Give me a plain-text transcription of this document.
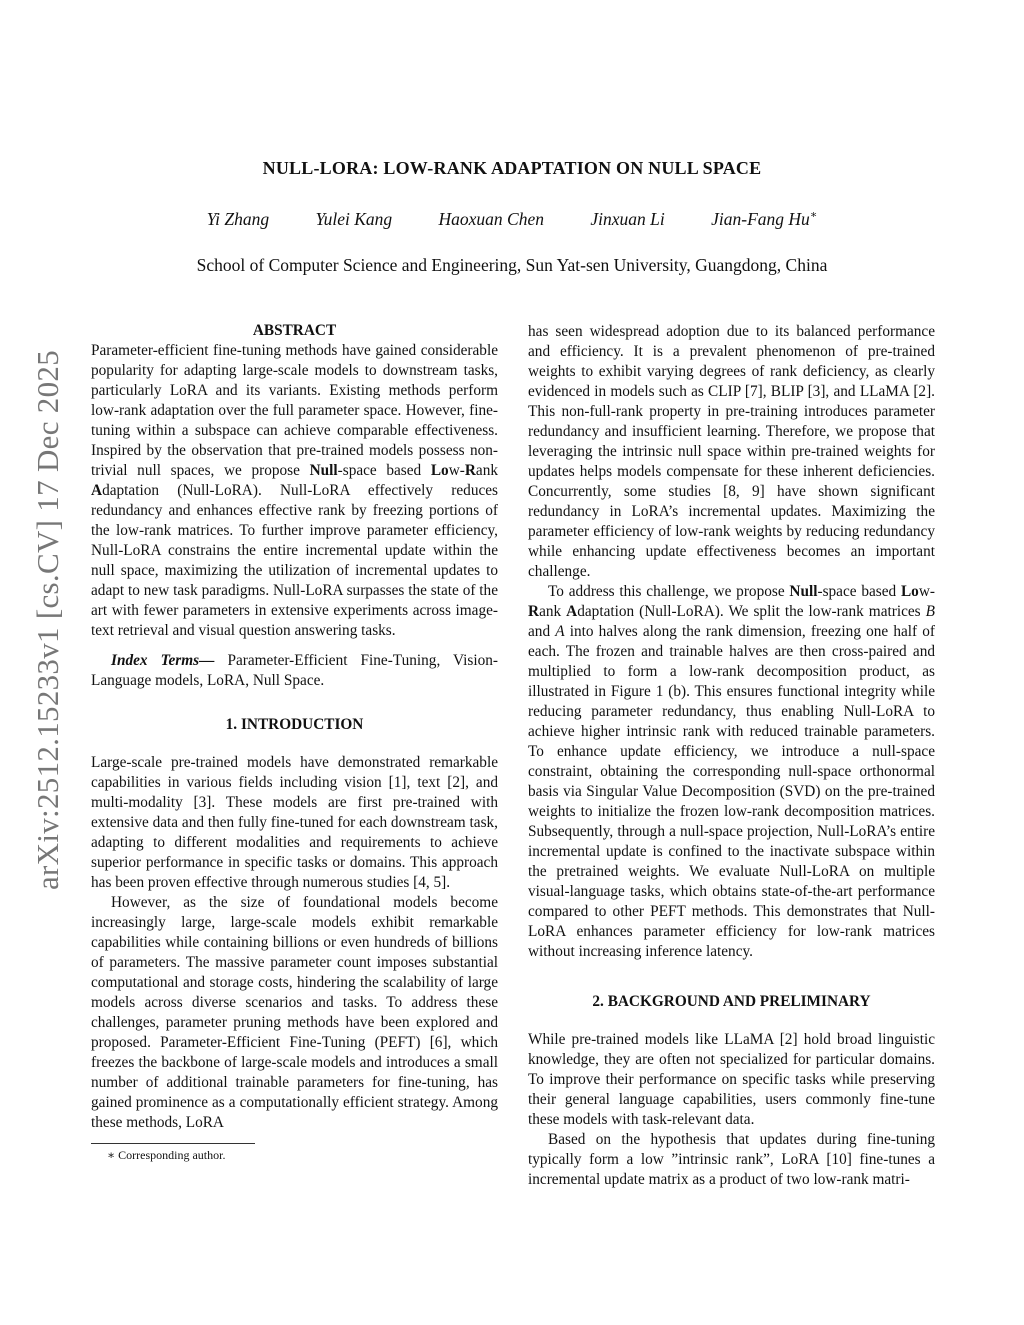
arXiv:2512.15233v1 [cs.CV] 17 Dec 2025
NULL-LORA: LOW-RANK ADAPTATION ON NULL SPACE
Yi Zhang	Yulei Kang	Haoxuan Chen	Jinxuan Li	Jian-Fang Hu∗
School of Computer Science and Engineering, Sun Yat-sen University, Guangdong, China
ABSTRACT

Parameter-efficient fine-tuning methods have gained considerable popularity for adapting large-scale models to downstream tasks, particularly LoRA and its variants. Existing methods perform low-rank adaptation over the full parameter space. However, fine-tuning within a subspace can achieve comparable effectiveness. Inspired by the observation that pre-trained models possess non-trivial null spaces, we propose Null-space based Low-Rank Adaptation (Null-LoRA). Null-LoRA effectively reduces redundancy and enhances effective rank by freezing portions of the low-rank matrices. To further improve parameter efficiency, Null-LoRA constrains the entire incremental update within the null space, maximizing the utilization of incremental updates to adapt to new task paradigms. Null-LoRA surpasses the state of the art with fewer parameters in extensive experiments across image-text retrieval and visual question answering tasks.

Index Terms— Parameter-Efficient Fine-Tuning, Vision-Language models, LoRA, Null Space.

1. INTRODUCTION

Large-scale pre-trained models have demonstrated remarkable capabilities in various fields including vision [1], text [2], and multi-modality [3]. These models are first pre-trained with extensive data and then fully fine-tuned for each downstream task, adapting to different modalities and requirements to achieve superior performance in specific tasks or domains. This approach has been proven effective through numerous studies [4, 5].

However, as the size of foundational models become increasingly large, large-scale models exhibit remarkable capabilities while containing billions or even hundreds of billions of parameters. The massive parameter count imposes substantial computational and storage costs, hindering the scalability of large models across diverse scenarios and tasks. To address these challenges, parameter pruning methods have been explored and proposed. Parameter-Efficient Fine-Tuning (PEFT) [6], which freezes the backbone of large-scale models and introduces a small number of additional trainable parameters for fine-tuning, has gained prominence as a computationally efficient strategy. Among these methods, LoRA

∗ Corresponding author.

has seen widespread adoption due to its balanced performance and efficiency. It is a prevalent phenomenon of pre-trained weights to exhibit varying degrees of rank deficiency, as clearly evidenced in models such as CLIP [7], BLIP [3], and LLaMA [2]. This non-full-rank property in pre-training introduces parameter redundancy and insufficient learning. Therefore, we propose that leveraging the intrinsic null space within pre-trained weights for updates helps models compensate for these inherent deficiencies. Concurrently, some studies [8, 9] have shown significant redundancy in LoRA’s incremental updates. Maximizing the parameter efficiency of low-rank weights by reducing redundancy while enhancing update effectiveness becomes an important challenge.

To address this challenge, we propose Null-space based Low-Rank Adaptation (Null-LoRA). We split the low-rank matrices B and A into halves along the rank dimension, freezing one half of each. The frozen and trainable halves are then cross-paired and multiplied to form a low-rank decomposition product, as illustrated in Figure 1 (b). This ensures functional integrity while reducing parameter redundancy, thus enabling Null-LoRA to achieve higher intrinsic rank with reduced trainable parameters. To enhance update efficiency, we introduce a null-space constraint, obtaining the corresponding null-space orthonormal basis via Singular Value Decomposition (SVD) on the pre-trained weights to initialize the frozen low-rank decomposition matrices. Subsequently, through a null-space projection, Null-LoRA’s entire incremental update is confined to the inactivate subspace within the pretrained weights. We evaluate Null-LoRA on multiple visual-language tasks, which obtains state-of-the-art performance compared to other PEFT methods. This demonstrates that Null-LoRA enhances parameter efficiency for low-rank matrices without increasing inference latency.

2. BACKGROUND AND PRELIMINARY

While pre-trained models like LLaMA [2] hold broad linguistic knowledge, they are often not specialized for particular domains. To improve their performance on specific tasks while preserving their general language capabilities, users commonly fine-tune these models with task-relevant data.

Based on the hypothesis that updates during fine-tuning typically form a low ”intrinsic rank”, LoRA [10] fine-tunes a incremental update matrix as a product of two low-rank matri-
